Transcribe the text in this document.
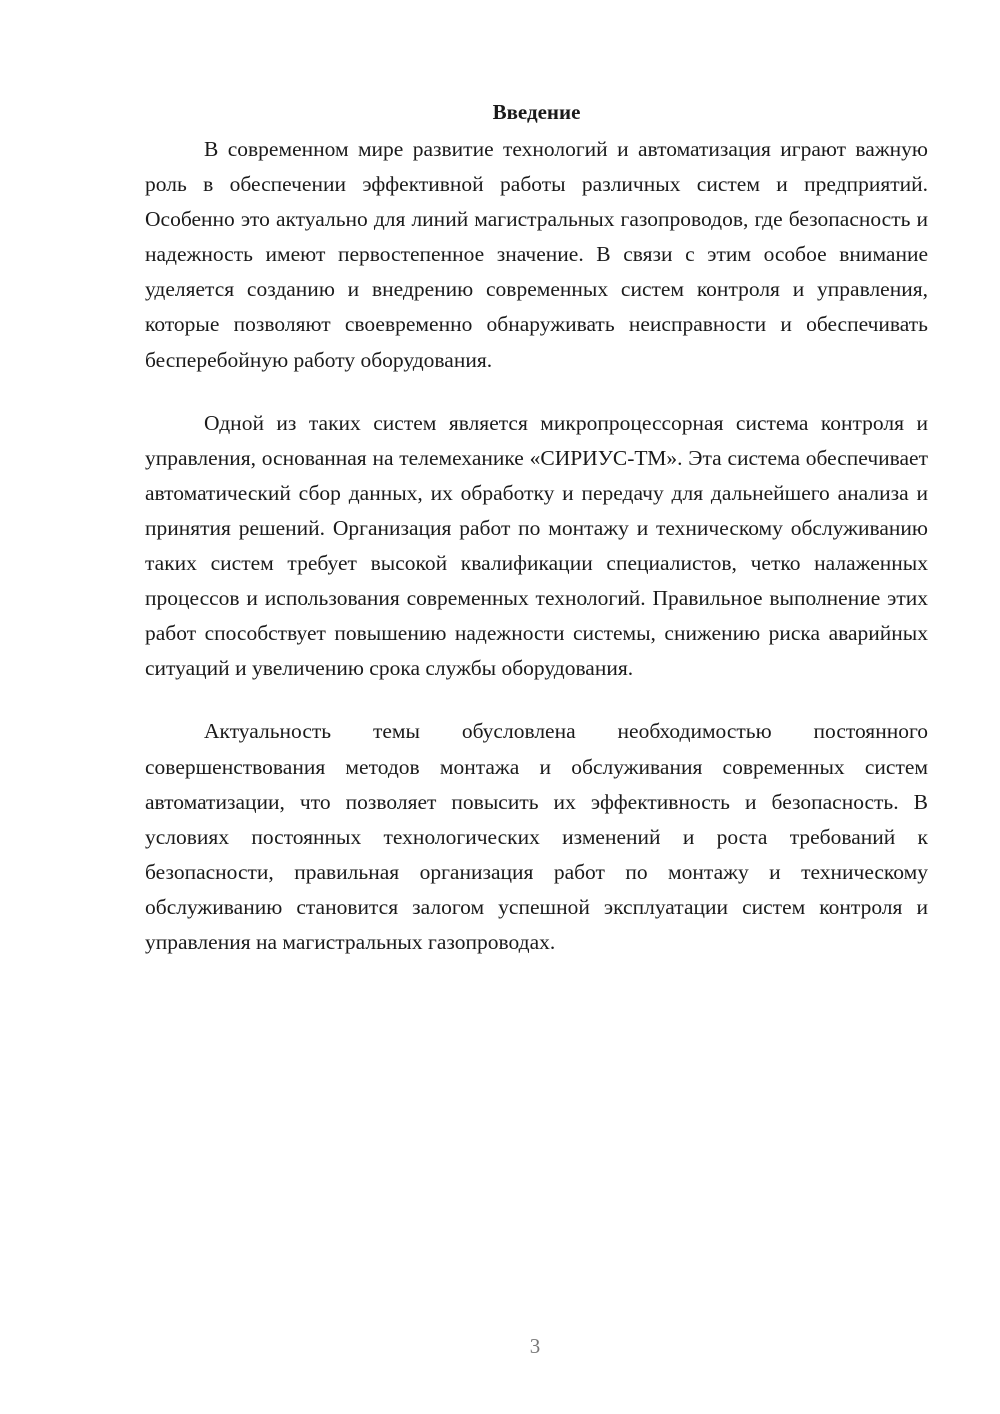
Введение

В современном мире развитие технологий и автоматизация играют важную роль в обеспечении эффективной работы различных систем и предприятий. Особенно это актуально для линий магистральных газопроводов, где безопасность и надежность имеют первостепенное значение. В связи с этим особое внимание уделяется созданию и внедрению современных систем контроля и управления, которые позволяют своевременно обнаруживать неисправности и обеспечивать бесперебойную работу оборудования.

Одной из таких систем является микропроцессорная система контроля и управления, основанная на телемеханике «СИРИУС-ТМ». Эта система обеспечивает автоматический сбор данных, их обработку и передачу для дальнейшего анализа и принятия решений. Организация работ по монтажу и техническому обслуживанию таких систем требует высокой квалификации специалистов, четко налаженных процессов и использования современных технологий. Правильное выполнение этих работ способствует повышению надежности системы, снижению риска аварийных ситуаций и увеличению срока службы оборудования.

Актуальность темы обусловлена необходимостью постоянного совершенствования методов монтажа и обслуживания современных систем автоматизации, что позволяет повысить их эффективность и безопасность. В условиях постоянных технологических изменений и роста требований к безопасности, правильная организация работ по монтажу и техническому обслуживанию становится залогом успешной эксплуатации систем контроля и управления на магистральных газопроводах.

3
